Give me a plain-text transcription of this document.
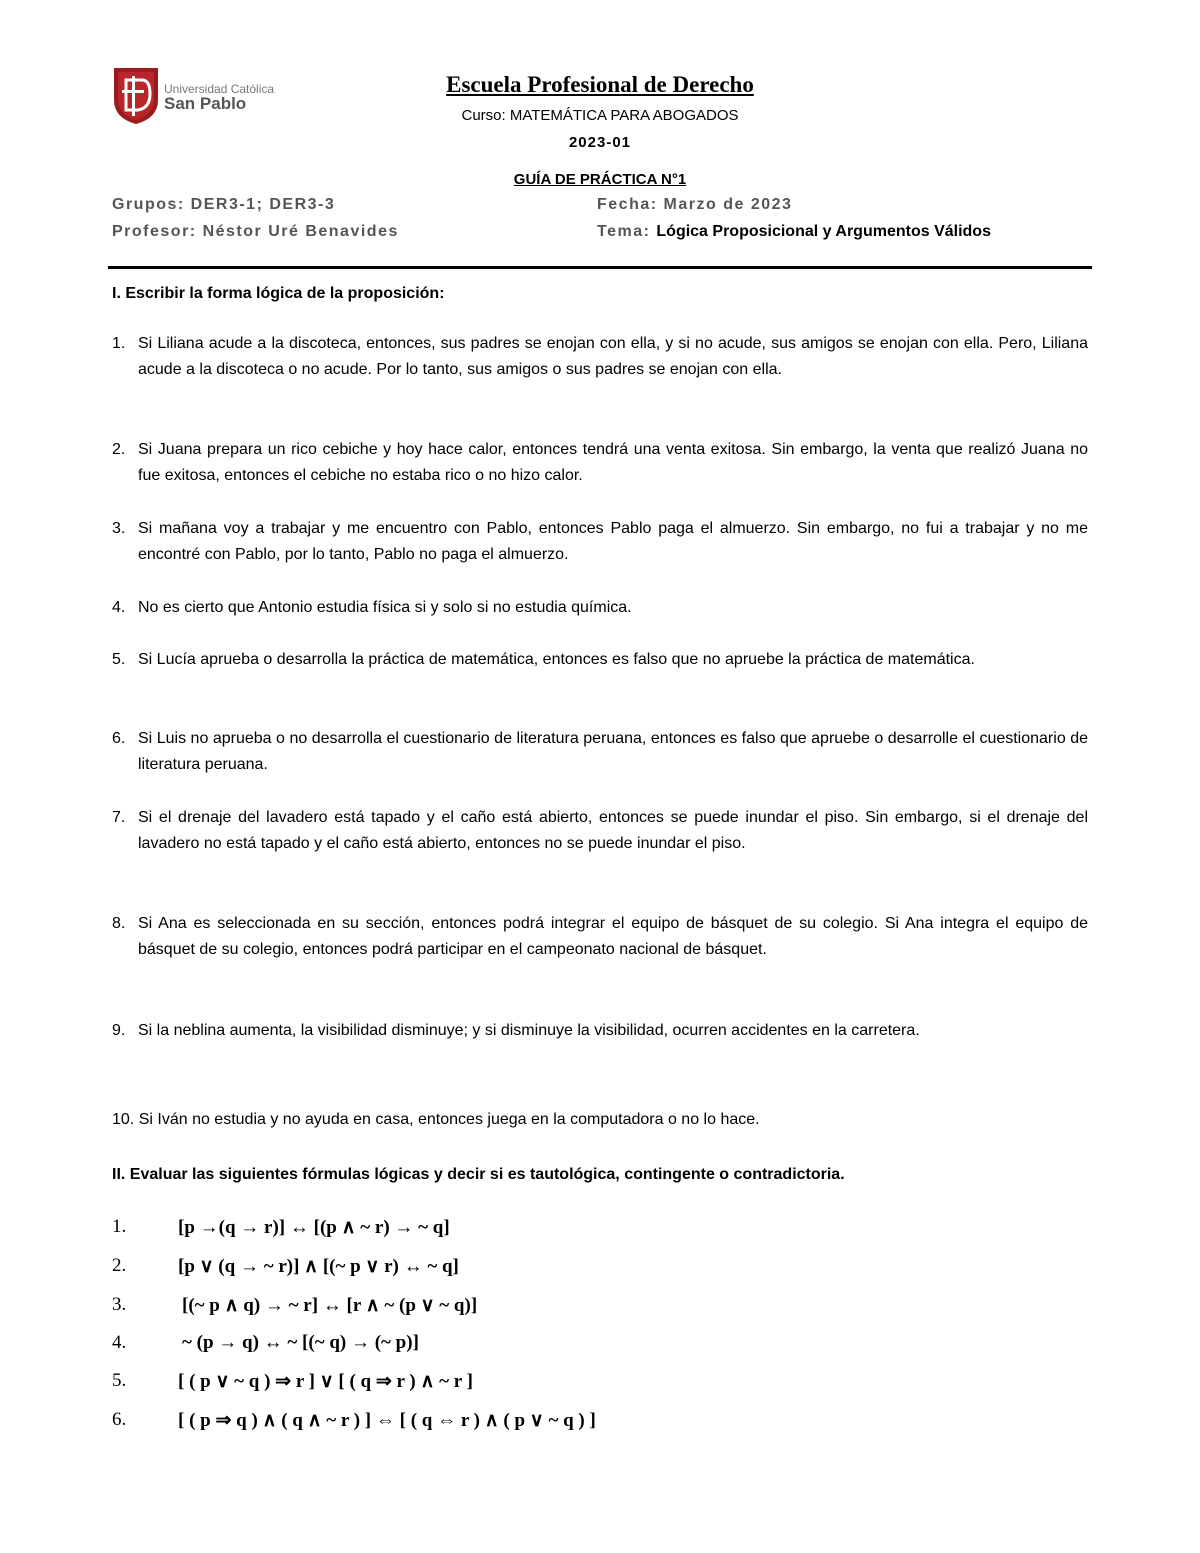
Universidad Católica
San Pablo
Escuela Profesional de Derecho
Curso: MATEMÁTICA PARA ABOGADOS
2023-01
GUÍA DE PRÁCTICA N°1
Grupos: DER3-1; DER3-3	Fecha: Marzo de 2023
Profesor: Néstor Uré Benavides	Tema: Lógica Proposicional y Argumentos Válidos
I. Escribir la forma lógica de la proposición:
1. Si Liliana acude a la discoteca, entonces, sus padres se enojan con ella, y si no acude, sus amigos se enojan con ella. Pero, Liliana acude a la discoteca o no acude. Por lo tanto, sus amigos o sus padres se enojan con ella.
2. Si Juana prepara un rico cebiche y hoy hace calor, entonces tendrá una venta exitosa. Sin embargo, la venta que realizó Juana no fue exitosa, entonces el cebiche no estaba rico o no hizo calor.
3. Si mañana voy a trabajar y me encuentro con Pablo, entonces Pablo paga el almuerzo. Sin embargo, no fui a trabajar y no me encontré con Pablo, por lo tanto, Pablo no paga el almuerzo.
4. No es cierto que Antonio estudia física si y solo si no estudia química.
5. Si Lucía aprueba o desarrolla la práctica de matemática, entonces es falso que no apruebe la práctica de matemática.
6. Si Luis no aprueba o no desarrolla el cuestionario de literatura peruana, entonces es falso que apruebe o desarrolle el cuestionario de literatura peruana.
7. Si el drenaje del lavadero está tapado y el caño está abierto, entonces se puede inundar el piso. Sin embargo, si el drenaje del lavadero no está tapado y el caño está abierto, entonces no se puede inundar el piso.
8. Si Ana es seleccionada en su sección, entonces podrá integrar el equipo de básquet de su colegio. Si Ana integra el equipo de básquet de su colegio, entonces podrá participar en el campeonato nacional de básquet.
9. Si la neblina aumenta, la visibilidad disminuye; y si disminuye la visibilidad, ocurren accidentes en la carretera.
10. Si Iván no estudia y no ayuda en casa, entonces juega en la computadora o no lo hace.
II. Evaluar las siguientes fórmulas lógicas y decir si es tautológica, contingente o contradictoria.
1.	[p →(q → r)] ↔ [(p ∧ ~ r) → ~ q]
2.	[p ∨ (q → ~ r)] ∧ [(~ p ∨ r) ↔ ~ q]
3.	[(~ p ∧ q) → ~ r] ↔ [r ∧ ~ (p ∨ ~ q)]
4.	~ (p → q) ↔ ~ [(~ q) → (~ p)]
5.	[ ( p ∨ ~ q ) ⇒ r ] ∨ [ ( q ⇒ r ) ∧ ~ r ]
6.	[ ( p ⇒ q ) ∧ ( q ∧ ~ r ) ] ⇔ [ ( q ⇔ r ) ∧ ( p ∨ ~ q ) ]
